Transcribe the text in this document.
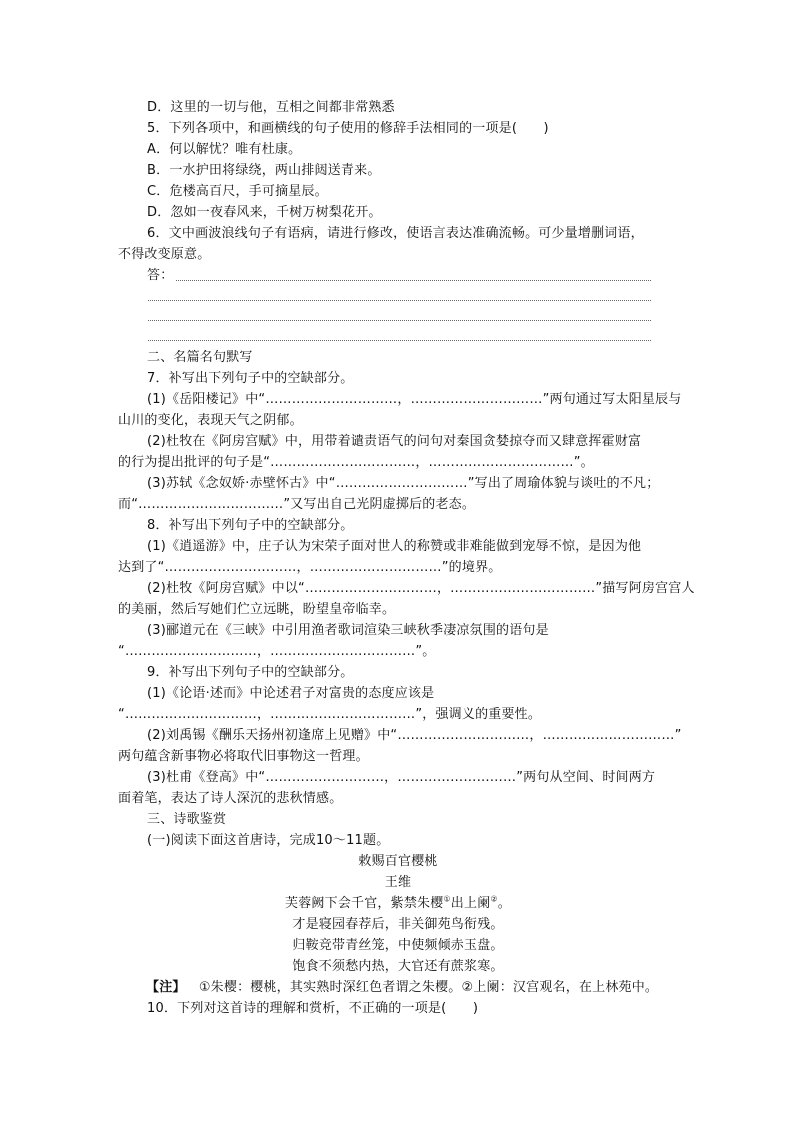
D．这里的一切与他，互相之间都非常熟悉
5．下列各项中，和画横线的句子使用的修辞手法相同的一项是(　　)
A．何以解忧？唯有杜康。
B．一水护田将绿绕，两山排闼送青来。
C．危楼高百尺，手可摘星辰。
D．忽如一夜春风来，千树万树梨花开。
6．文中画波浪线句子有语病，请进行修改，使语言表达准确流畅。可少量增删词语，
不得改变原意。
答：
二、名篇名句默写
7．补写出下列句子中的空缺部分。
(1)《岳阳楼记》中“…………………………，…………………………”两句通过写太阳星辰与
山川的变化，表现天气之阴郁。
(2)杜牧在《阿房宫赋》中，用带着谴责语气的问句对秦国贪婪掠夺而又肆意挥霍财富
的行为提出批评的句子是“……………………………，……………………………”。
(3)苏轼《念奴娇·赤壁怀古》中“…………………………”写出了周瑜体貌与谈吐的不凡；
而“……………………………”又写出自己光阴虚掷后的老态。
8．补写出下列句子中的空缺部分。
(1)《逍遥游》中，庄子认为宋荣子面对世人的称赞或非难能做到宠辱不惊，是因为他
达到了“…………………………，…………………………”的境界。
(2)杜牧《阿房宫赋》中以“…………………………，……………………………”描写阿房宫宫人
的美丽，然后写她们伫立远眺，盼望皇帝临幸。
(3)郦道元在《三峡》中引用渔者歌词渲染三峡秋季凄凉氛围的语句是
“…………………………，……………………………”。
9．补写出下列句子中的空缺部分。
(1)《论语·述而》中论述君子对富贵的态度应该是
“…………………………，……………………………”，强调义的重要性。
(2)刘禹锡《酬乐天扬州初逢席上见赠》中“…………………………，…………………………”
两句蕴含新事物必将取代旧事物这一哲理。
(3)杜甫《登高》中“………………………，………………………”两句从空间、时间两方
面着笔，表达了诗人深沉的悲秋情感。
三、诗歌鉴赏
(一)阅读下面这首唐诗，完成10～11题。
敕赐百官樱桃
王维
芙蓉阙下会千官，紫禁朱樱①出上阑②。
才是寝园春荐后，非关御苑鸟衔残。
归鞍竞带青丝笼，中使频倾赤玉盘。
饱食不须愁内热，大官还有蔗浆寒。
【注】  ①朱樱：樱桃，其实熟时深红色者谓之朱樱。②上阑：汉宫观名，在上林苑中。
10．下列对这首诗的理解和赏析，不正确的一项是(　　)
